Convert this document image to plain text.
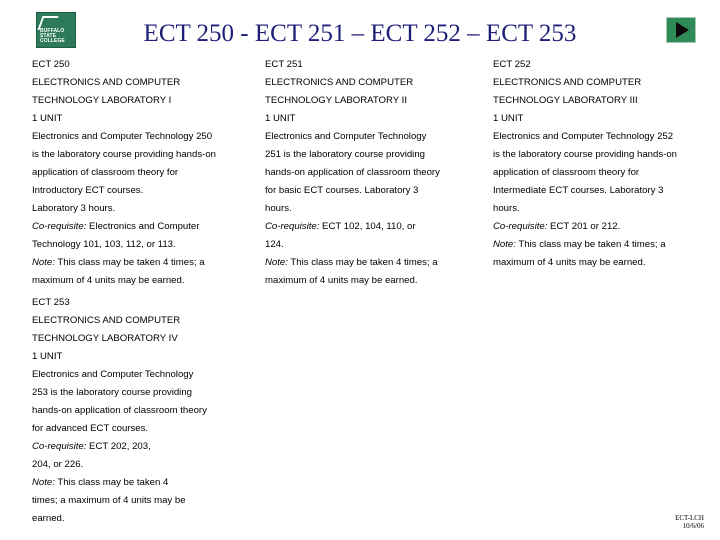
BUFFALO STATE COLLEGE	ECT 250 - ECT 251 – ECT 252 – ECT 253

ECT 250

ELECTRONICS AND COMPUTER

TECHNOLOGY LABORATORY I

1 UNIT

Electronics and Computer Technology 250

is the laboratory course providing hands-on

application of classroom theory for

Introductory ECT courses.

Laboratory 3 hours.

Co-requisite: Electronics and Computer

Technology 101, 103, 112, or 113.

Note: This class may be taken 4 times; a

maximum of 4 units may be earned.

ECT 251

ELECTRONICS AND COMPUTER

TECHNOLOGY LABORATORY II

1 UNIT

Electronics and Computer Technology

251 is the laboratory course providing

hands-on application of classroom theory

for basic ECT courses. Laboratory 3

hours.

Co-requisite: ECT 102, 104, 110, or

124.

Note: This class may be taken 4 times; a

maximum of 4 units may be earned.

ECT 252

ELECTRONICS AND COMPUTER

TECHNOLOGY LABORATORY III

1 UNIT

Electronics and Computer Technology 252

is the laboratory course providing hands-on

application of classroom theory for

Intermediate ECT courses. Laboratory 3

hours.

Co-requisite: ECT 201 or 212.

Note: This class may be taken 4 times; a

maximum of 4 units may be earned.

ECT 253

ELECTRONICS AND COMPUTER

TECHNOLOGY LABORATORY IV

1 UNIT

Electronics and Computer Technology

253 is the laboratory course providing

hands-on application of classroom theory

for advanced ECT courses.

Co-requisite: ECT 202, 203,

204, or 226.

Note: This class may be taken 4

times; a maximum of 4 units may be

earned.	ECT-LCH
10/6/06
